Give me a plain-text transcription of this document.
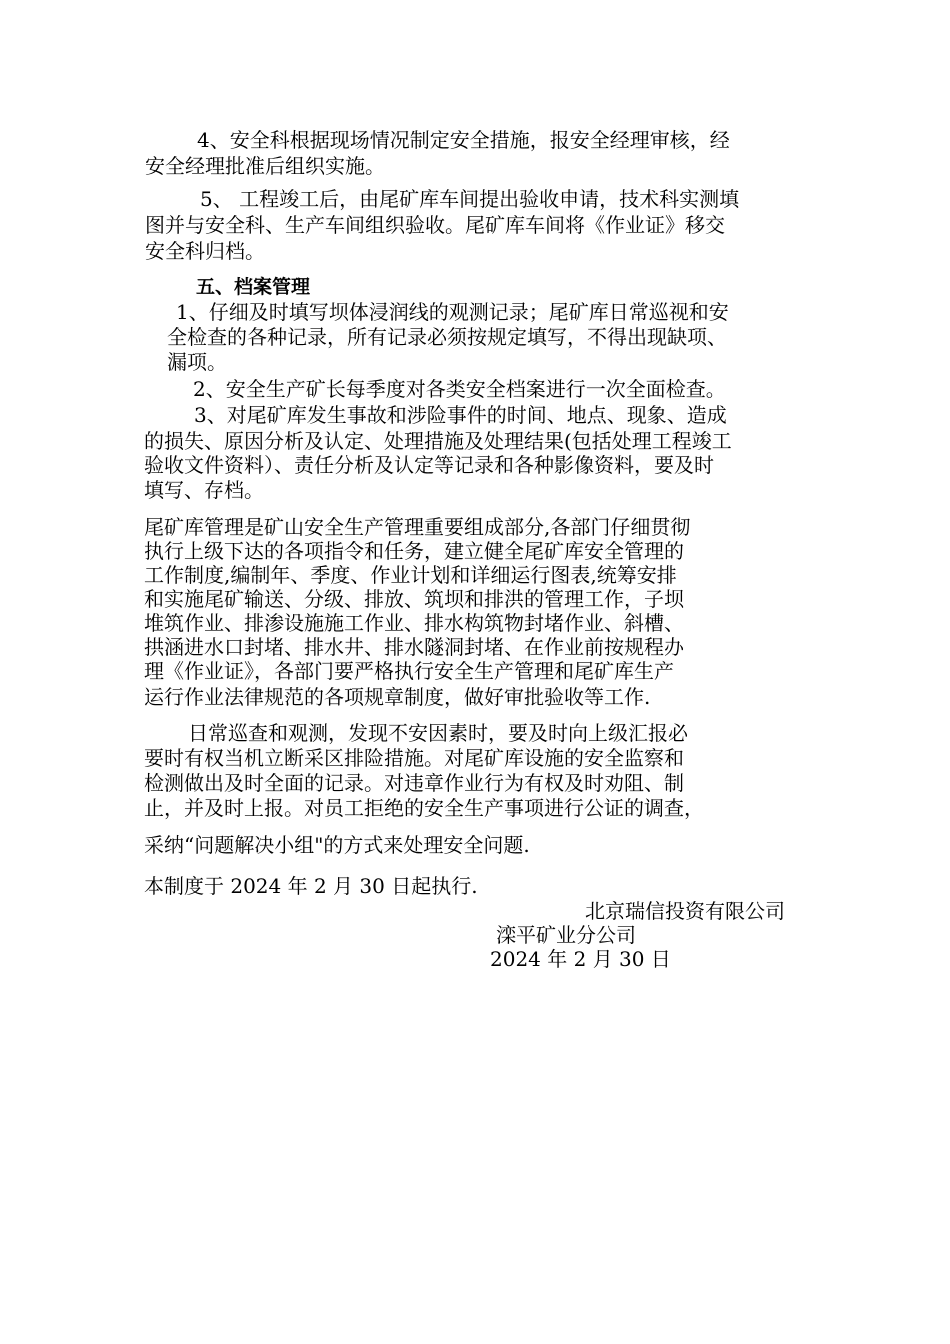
4、安全科根据现场情况制定安全措施，报安全经理审核，经
安全经理批准后组织实施。
5、 工程竣工后，由尾矿库车间提出验收申请，技术科实测填
图并与安全科、生产车间组织验收。尾矿库车间将《作业证》移交
安全科归档。
五、档案管理
1、仔细及时填写坝体浸润线的观测记录；尾矿库日常巡视和安
全检查的各种记录，所有记录必须按规定填写，不得出现缺项、
漏项。
2、安全生产矿长每季度对各类安全档案进行一次全面检查。
3、对尾矿库发生事故和涉险事件的时间、地点、现象、造成
的损失、原因分析及认定、处理措施及处理结果(包括处理工程竣工
验收文件资料）、责任分析及认定等记录和各种影像资料，要及时
填写、存档。
尾矿库管理是矿山安全生产管理重要组成部分,各部门仔细贯彻
执行上级下达的各项指令和任务，建立健全尾矿库安全管理的
工作制度,编制年、季度、作业计划和详细运行图表,统筹安排
和实施尾矿输送、分级、排放、筑坝和排洪的管理工作，子坝
堆筑作业、排渗设施施工作业、排水构筑物封堵作业、斜槽、
拱涵进水口封堵、排水井、排水隧洞封堵、在作业前按规程办
理《作业证》，各部门要严格执行安全生产管理和尾矿库生产
运行作业法律规范的各项规章制度，做好审批验收等工作.
日常巡查和观测，发现不安因素时，要及时向上级汇报必
要时有权当机立断采区排险措施。对尾矿库设施的安全监察和
检测做出及时全面的记录。对违章作业行为有权及时劝阻、制
止，并及时上报。对员工拒绝的安全生产事项进行公证的调查，
采纳“问题解决小组"的方式来处理安全问题.
本制度于 2024 年 2 月 30 日起执行.
北京瑞信投资有限公司
滦平矿业分公司
2024 年 2 月 30 日
